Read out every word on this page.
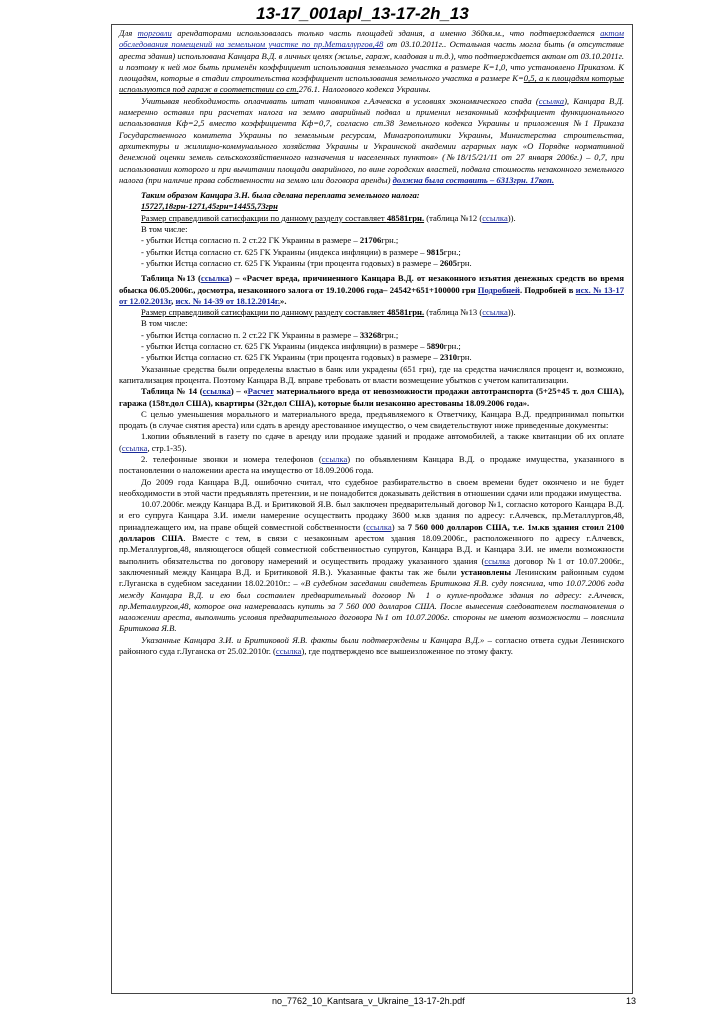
13-17_001apl_13-17-2h_13

Для торговли арендаторами использовалась только часть площадей здания, а именно 360кв.м., что подтверждается актом обследования помещений на земельном участке по пр.Металлургов,48 от 03.10.2011г.. Остальная часть могла быть (в отсутствие ареста здания) использована Канцара В.Д. в личных целях (жилье, гараж, кладовая и т.д.), что подтверждается актом от 03.10.2011г. и поэтому к ней мог быть применён коэффициент использования земельного участка в размере К=1,0, что установлено Приказом. К площадям, которые в стадии строительства коэффициент использования земельного участка в размере К=0,5, а к площадям которые используются под гараж в соответствии со ст.276.1. Налогового кодекса Украины.

Учитывая необходимость оплачивать штат чиновников г.Алчевска в условиях экономического спада (ссылка), Канцара В.Д. намеренно оставил при расчетах налога на землю аварийный подвал и применил незаконный коэффициент функционального использования Кф=2,5 вместо коэффициента Кф=0,7, согласно ст.38 Земельного кодекса Украины и приложения №1 Приказа Государственного комитета Украины по земельным ресурсам, Минагрополитики Украины, Министерства строительства, архитектуры и жилищно-коммунального хозяйства Украины и Украинской академии аграрных наук «О Порядке нормативной денежной оценки земель сельскохозяйственного назначения и населенных пунктов» (№18/15/21/11 от 27 января 2006г.) – 0,7, при использовании которого и при вычитании площади аварийного, по вине городских властей, подвала стоимость незаконного земельного налога (при наличие права собственности на землю или договора аренды) должна была составить – 6313грн. 17коп.

Таким образом Канцара З.Н. была сделана переплата земельного налога:

15727,18грн-1271,45грн=14455,73грн

Размер справедливой сатисфакции по данному разделу составляет 48581грн. (таблица №12 (ссылка)).

В том числе:

- убытки Истца согласно п. 2 ст.22 ГК Украины в размере – 21706грн.;

- убытки Истца согласно ст. 625 ГК Украины (индекса инфляции) в размере – 9815грн.;

- убытки Истца согласно ст. 625 ГК Украины (три процента годовых) в размере – 2605грн.

Таблица №13 (ссылка) – «Расчет вреда, причиненного Канцара В.Д. от незаконного изъятия денежных средств во время обыска 06.05.2006г., досмотра, незаконного залога от 19.10.2006 года– 24542+651+100000 грн Подробней. Подробней в исх. № 13-17 от 12.02.2013г, исх. № 14-39 от 18.12.2014г.».

Размер справедливой сатисфакции по данному разделу составляет 48581грн. (таблица №13 (ссылка)).

В том числе:

- убытки Истца согласно п. 2 ст.22 ГК Украины в размере – 33268грн.;

- убытки Истца согласно ст. 625 ГК Украины (индекса инфляции) в размере – 5890грн.;

- убытки Истца согласно ст. 625 ГК Украины (три процента годовых) в размере – 2310грн.

Указанные средства были определены властью в банк или украдены (651 грн), где на средства начислялся процент и, возможно, капитализация процента. Поэтому Канцара В.Д. вправе требовать от власти возмещение убытков с учетом капитализации.

Таблица № 14 (ссылка) – «Расчет материального вреда от невозможности продажи автотранспорта (5+25+45 т. дол США), гаража (158т.дол США), квартиры (32т.дол США), которые были незаконно арестованы 18.09.2006 года».

С целью уменьшения морального и материального вреда, предъявляемого к Ответчику, Канцара В.Д. предпринимал попытки продать (в случае снятия ареста) или сдать в аренду арестованное имущество, о чем свидетельствуют ниже приведенные документы:

1.копии объявлений в газету по сдаче в аренду или продаже зданий и продаже автомобилей, а также квитанции об их оплате (ссылка, стр.1-35).

2. телефонные звонки и номера телефонов (ссылка) по объявлениям Канцара В.Д. о продаже имущества, указанного в постановлении о наложении ареста на имущество от 18.09.2006 года.

До 2009 года Канцара В.Д. ошибочно считал, что судебное разбирательство в своем времени будет окончено и не будет необходимости в этой части предъявлять претензии, и не понадобится доказывать действия в отношении сдачи или продажи имущества.

10.07.2006г. между Канцара В.Д. и Бритиковой Я.В. был заключен предварительный договор №1, согласно которого Канцара В.Д. и его супруга Канцара З.И. имели намерение осуществить продажу 3600 м.кв здания по адресу: г.Алчевск, пр.Металлургов,48, принадлежащего им, на праве общей совместной собственности (ссылка) за 7 560 000 долларов США, т.е. 1м.кв здания стоил 2100 долларов США. Вместе с тем, в связи с незаконным арестом здания 18.09.2006г., расположенного по адресу г.Алчевск, пр.Металлургов,48, являющегося общей совместной собственностью супругов, Канцара В.Д. и Канцара З.И. не имели возможности выполнить обязательства по договору намерений и осуществить продажу указанного здания (ссылка договор №1 от 10.07.2006г., заключенный между Канцара В.Д. и Бритиковой Я.В.). Указанные факты так же были установлены Ленинским районным судом г.Луганска в судебном заседании 18.02.2010г.: – «В судебном заседании свидетель Бритикова Я.В. суду пояснила, что 10.07.2006 года между Канцара В.Д. и ею был составлен предварительный договор № 1 о купле-продаже здания по адресу: г.Алчевск, пр.Металлургов,48, которое она намеревалась купить за 7 560 000 долларов США. После вынесения следователем постановления о наложении ареста, выполнить условия предварительного договора №1 от 10.07.2006г. стороны не имеют возможности – пояснила Бритикова Я.В.

Указанные Канцара З.И. и Бритиковой Я.В. факты были подтверждены и Канцара В.Д.» – согласно ответа судьи Ленинского районного суда г.Луганска от 25.02.2010г. (ссылка), где подтверждено все вышеизложенное по этому факту.

no_7762_10_Kantsara_v_Ukraine_13-17-2h.pdf	13
